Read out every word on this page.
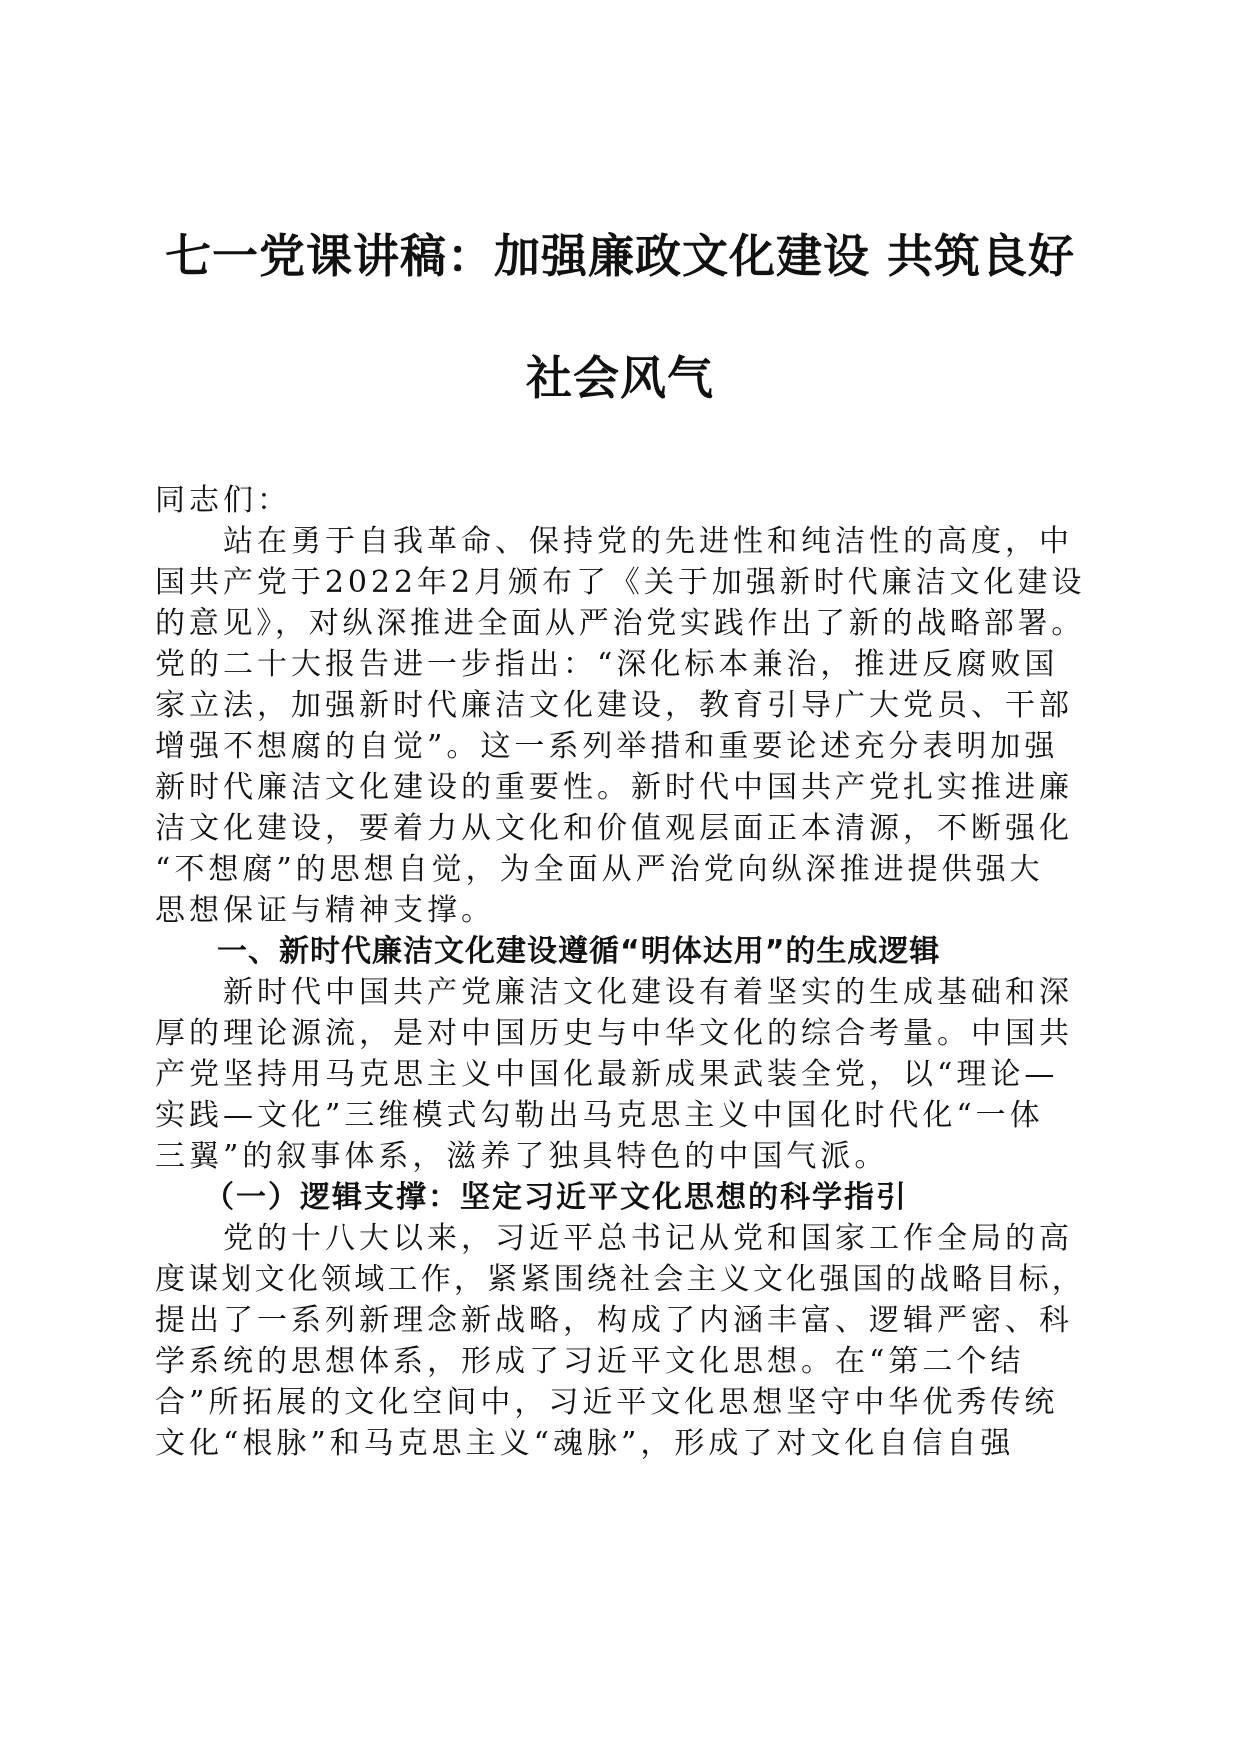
七一党课讲稿：加强廉政文化建设 共筑良好
社会风气

同志们：

　　站在勇于自我革命、保持党的先进性和纯洁性的高度，中

国共产党于2022年2月颁布了《关于加强新时代廉洁文化建设

的意见》，对纵深推进全面从严治党实践作出了新的战略部署。

党的二十大报告进一步指出：“深化标本兼治，推进反腐败国

家立法，加强新时代廉洁文化建设，教育引导广大党员、干部

增强不想腐的自觉”。这一系列举措和重要论述充分表明加强

新时代廉洁文化建设的重要性。新时代中国共产党扎实推进廉

洁文化建设，要着力从文化和价值观层面正本清源，不断强化

“不想腐”的思想自觉，为全面从严治党向纵深推进提供强大

思想保证与精神支撑。

　　一、新时代廉洁文化建设遵循“明体达用”的生成逻辑

　　新时代中国共产党廉洁文化建设有着坚实的生成基础和深

厚的理论源流，是对中国历史与中华文化的综合考量。中国共

产党坚持用马克思主义中国化最新成果武装全党，以“理论—

实践—文化”三维模式勾勒出马克思主义中国化时代化“一体

三翼”的叙事体系，滋养了独具特色的中国气派。

　　（一）逻辑支撑：坚定习近平文化思想的科学指引

　　党的十八大以来，习近平总书记从党和国家工作全局的高

度谋划文化领域工作，紧紧围绕社会主义文化强国的战略目标，

提出了一系列新理念新战略，构成了内涵丰富、逻辑严密、科

学系统的思想体系，形成了习近平文化思想。在“第二个结

合”所拓展的文化空间中，习近平文化思想坚守中华优秀传统

文化“根脉”和马克思主义“魂脉”，形成了对文化自信自强
